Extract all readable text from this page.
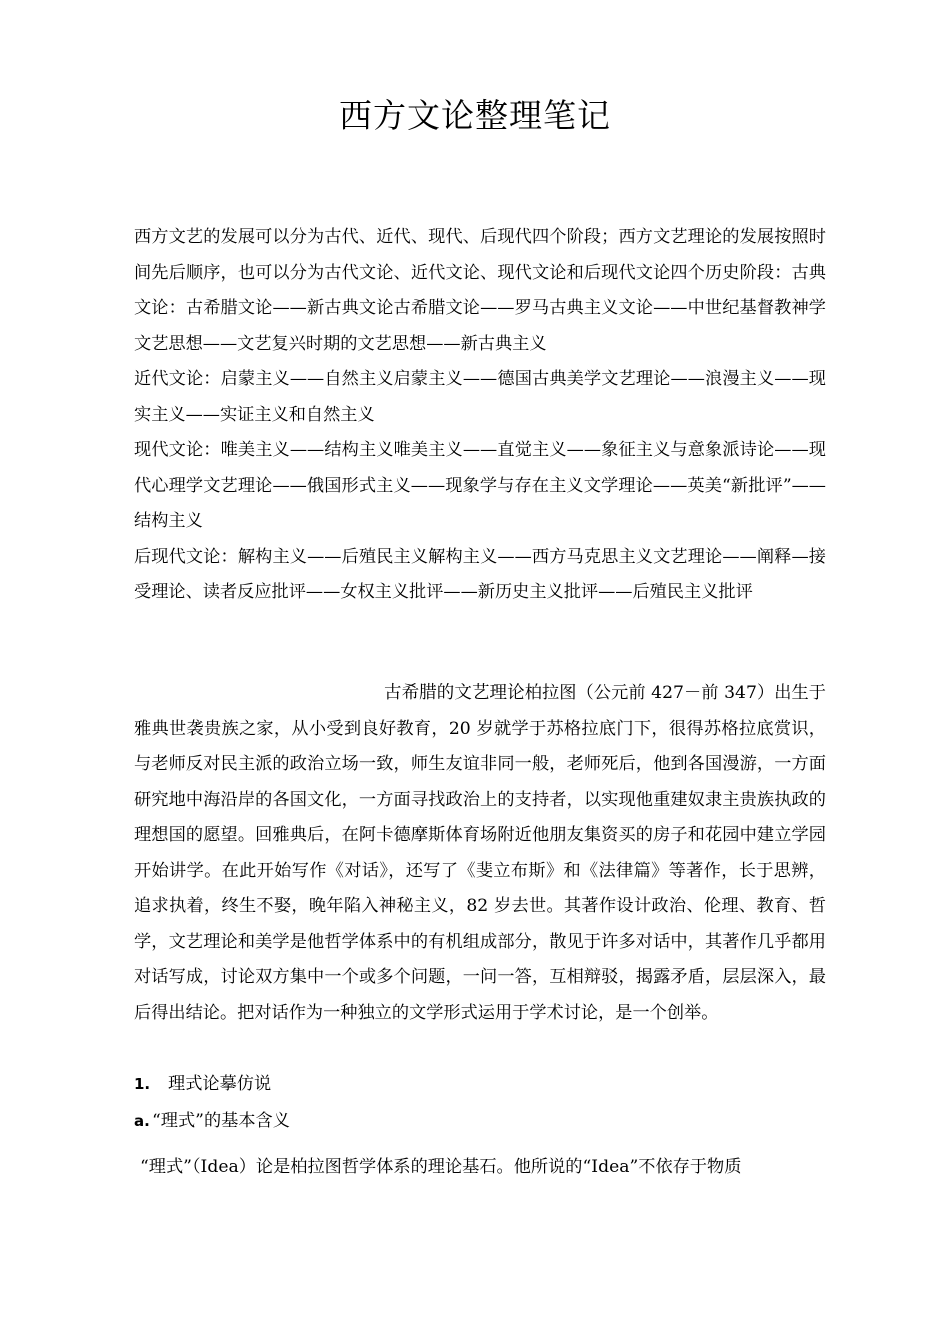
西方文论整理笔记

西方文艺的发展可以分为古代、近代、现代、后现代四个阶段；西方文艺理论的发展按照时间先后顺序，也可以分为古代文论、近代文论、现代文论和后现代文论四个历史阶段：古典文论：古希腊文论——新古典文论古希腊文论——罗马古典主义文论——中世纪基督教神学文艺思想——文艺复兴时期的文艺思想——新古典主义

近代文论：启蒙主义——自然主义启蒙主义——德国古典美学文艺理论——浪漫主义——现实主义——实证主义和自然主义

现代文论：唯美主义——结构主义唯美主义——直觉主义——象征主义与意象派诗论——现代心理学文艺理论——俄国形式主义——现象学与存在主义文学理论——英美“新批评”——结构主义

后现代文论：解构主义——后殖民主义解构主义——西方马克思主义文艺理论——阐释—接受理论、读者反应批评——女权主义批评——新历史主义批评——后殖民主义批评

古希腊的文艺理论柏拉图（公元前 427－前 347）出生于雅典世袭贵族之家，从小受到良好教育，20 岁就学于苏格拉底门下，很得苏格拉底赏识，与老师反对民主派的政治立场一致，师生友谊非同一般，老师死后，他到各国漫游，一方面研究地中海沿岸的各国文化，一方面寻找政治上的支持者，以实现他重建奴隶主贵族执政的理想国的愿望。回雅典后，在阿卡德摩斯体育场附近他朋友集资买的房子和花园中建立学园开始讲学。在此开始写作《对话》，还写了《斐立布斯》和《法律篇》等著作，长于思辨，追求执着，终生不娶，晚年陷入神秘主义，82 岁去世。其著作设计政治、伦理、教育、哲学，文艺理论和美学是他哲学体系中的有机组成部分，散见于许多对话中，其著作几乎都用对话写成，讨论双方集中一个或多个问题，一问一答，互相辩驳，揭露矛盾，层层深入，最后得出结论。把对话作为一种独立的文学形式运用于学术讨论，是一个创举。
1. 理式论摹仿说
a. “理式”的基本含义
“理式”（Idea）论是柏拉图哲学体系的理论基石。他所说的“Idea”不依存于物质
